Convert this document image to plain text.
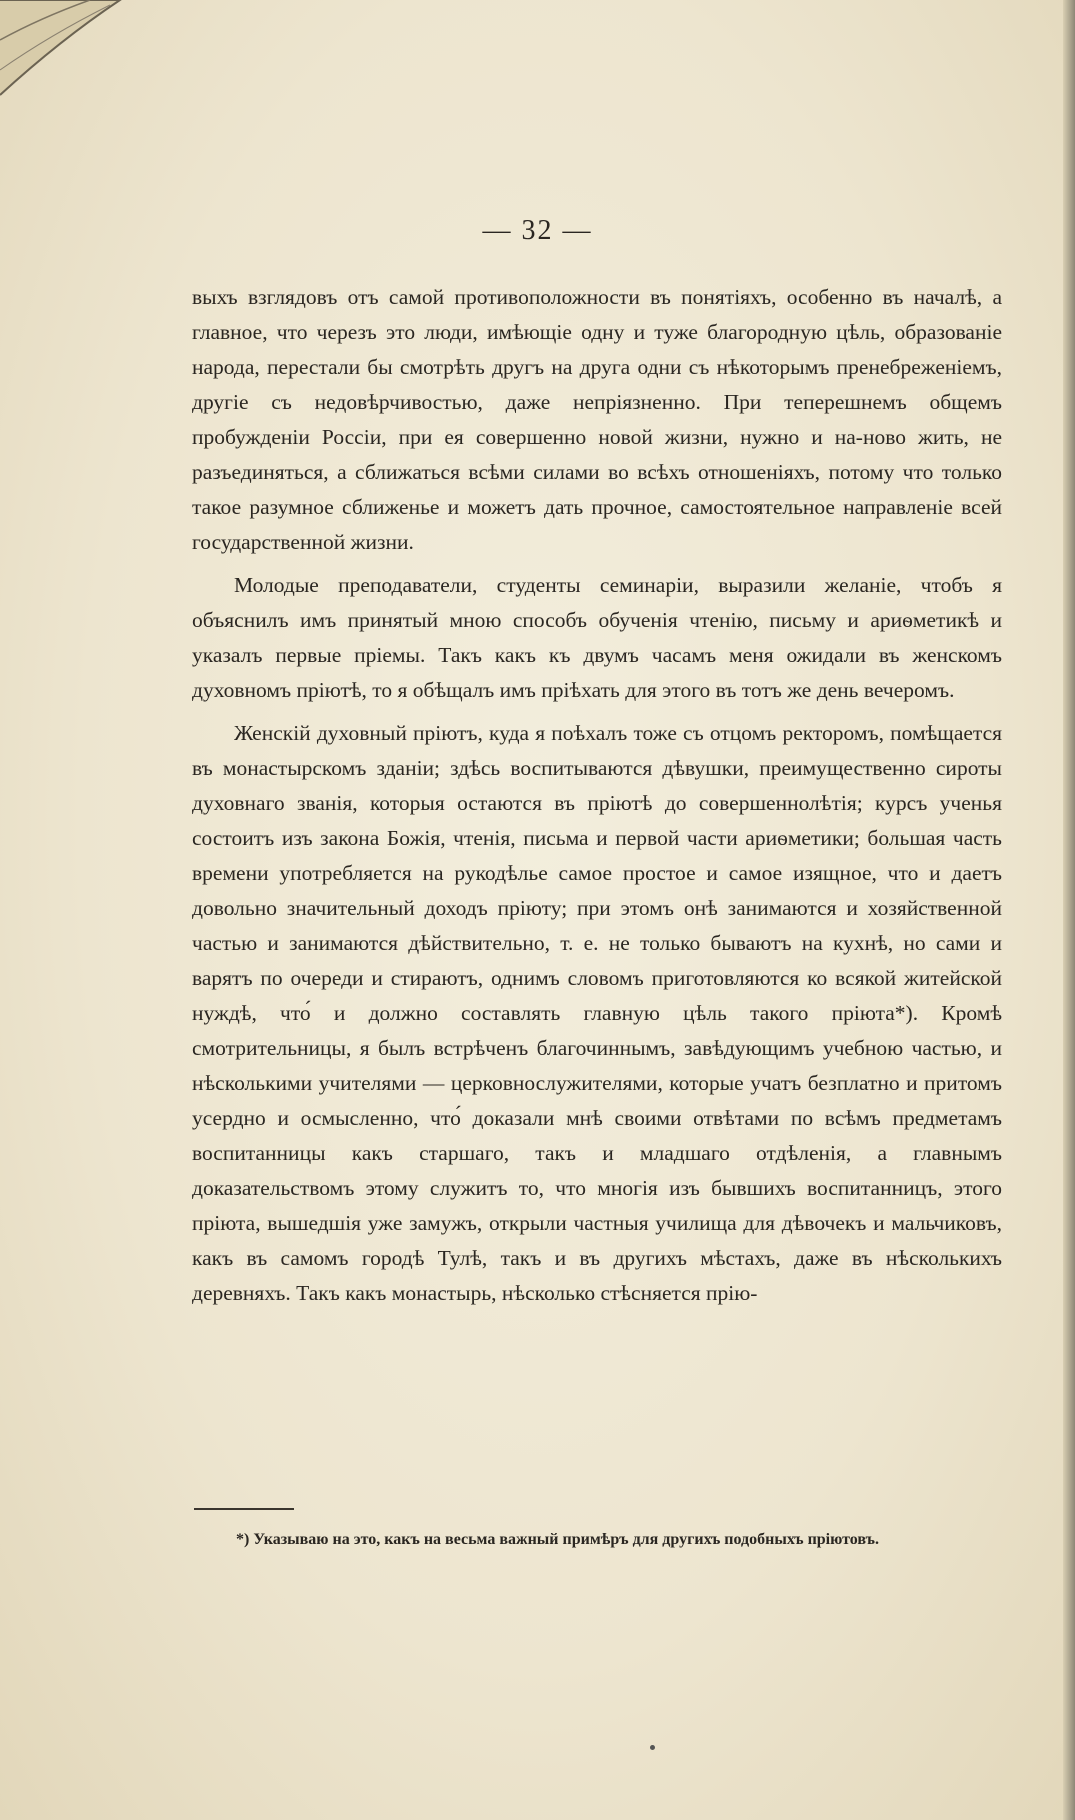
— 32 —

выхъ взглядовъ отъ самой противоположности въ понятіяхъ, особенно въ началѣ, а главное, что черезъ это люди, имѣющіе одну и туже благородную цѣль, образованіе народа, перестали бы смотрѣть другъ на друга одни съ нѣкоторымъ пренебреженіемъ, другіе съ недовѣрчивостью, даже непріязненно. При теперешнемъ общемъ пробужденіи Россіи, при ея совершенно новой жизни, нужно и на-ново жить, не разъединяться, а сближаться всѣми силами во всѣхъ отношеніяхъ, потому что только такое разумное сближенье и можетъ дать прочное, самостоятельное направленіе всей государственной жизни.

Молодые преподаватели, студенты семинаріи, выразили желаніе, чтобъ я объяснилъ имъ принятый мною способъ обученія чтенію, письму и ариѳметикѣ и указалъ первые пріемы. Такъ какъ къ двумъ часамъ меня ожидали въ женскомъ духовномъ пріютѣ, то я обѣщалъ имъ пріѣхать для этого въ тотъ же день вечеромъ.

Женскій духовный пріютъ, куда я поѣхалъ тоже съ отцомъ ректоромъ, помѣщается въ монастырскомъ зданіи; здѣсь воспитываются дѣвушки, преимущественно сироты духовнаго званія, которыя остаются въ пріютѣ до совершеннолѣтія; курсъ ученья состоитъ изъ закона Божія, чтенія, письма и первой части ариѳметики; большая часть времени употребляется на рукодѣлье самое простое и самое изящное, что и даетъ довольно значительный доходъ пріюту; при этомъ онѣ занимаются и хозяйственной частью и занимаются дѣйствительно, т. е. не только бываютъ на кухнѣ, но сами и варятъ по очереди и стираютъ, однимъ словомъ приготовляются ко всякой житейской нуждѣ, что́ и должно составлять главную цѣль такого пріюта*). Кромѣ смотрительницы, я былъ встрѣченъ благочиннымъ, завѣдующимъ учебною частью, и нѣсколькими учителями — церковнослужителями, которые учатъ безплатно и притомъ усердно и осмысленно, что́ доказали мнѣ своими отвѣтами по всѣмъ предметамъ воспитанницы какъ старшаго, такъ и младшаго отдѣленія, а главнымъ доказательствомъ этому служитъ то, что многія изъ бывшихъ воспитанницъ, этого пріюта, вышедшія уже замужъ, открыли частныя училища для дѣвочекъ и мальчиковъ, какъ въ самомъ городѣ Тулѣ, такъ и въ другихъ мѣстахъ, даже въ нѣсколькихъ деревняхъ. Такъ какъ монастырь, нѣсколько стѣсняется прію-

*) Указываю на это, какъ на весьма важный примѣръ для другихъ подобныхъ пріютовъ.
